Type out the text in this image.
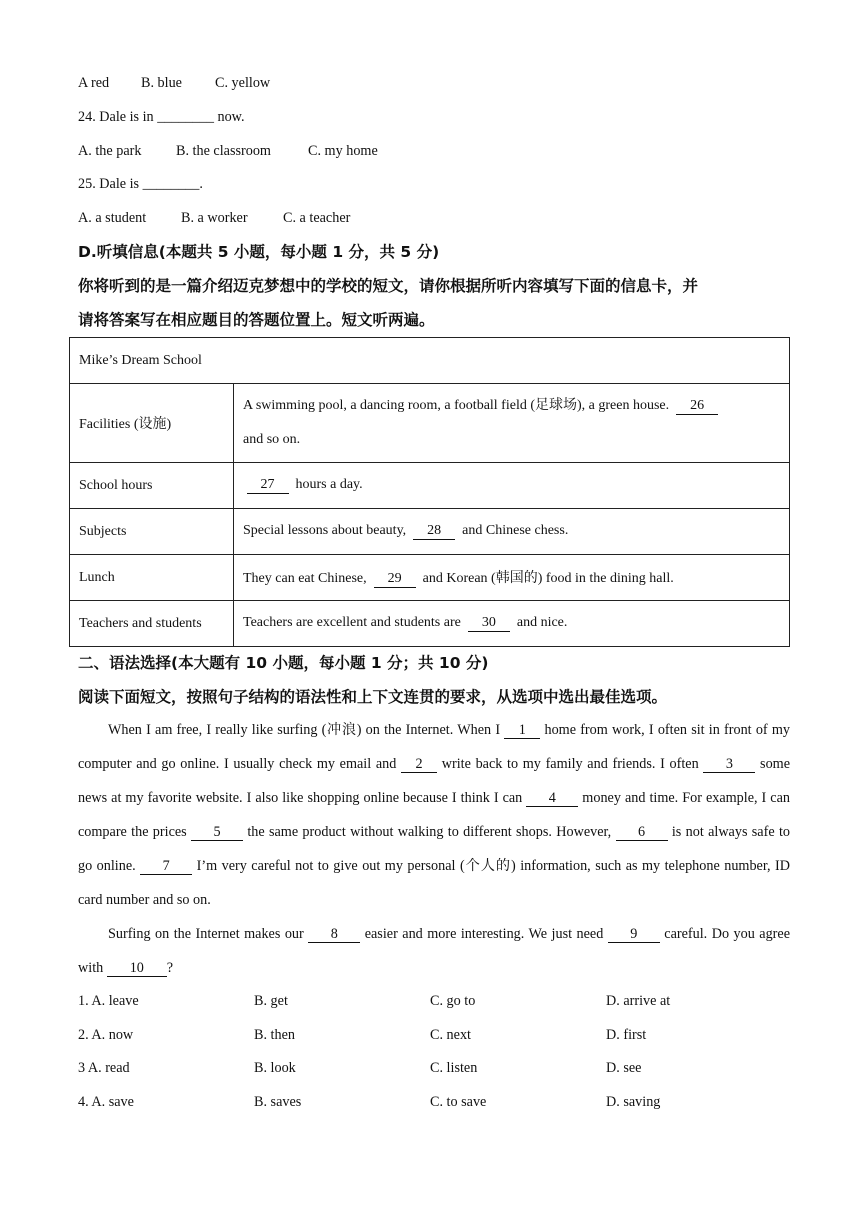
A red B. blue C. yellow
24. Dale is in ________ now.
A. the park B. the classroom	C. my home
25. Dale is ________.
A. a student B. a worker C. a teacher
D.听填信息(本题共 5 小题，每小题 1 分，共 5 分)
你将听到的是一篇介绍迈克梦想中的学校的短文，请你根据所听内容填写下面的信息卡，并
请将答案写在相应题目的答题位置上。短文听两遍。
Mike’s Dream School	
Facilities (设施)	A swimming pool, a dancing room, a football field (足球场), a green house. 26
and so on.

School hours	27 hours a day.
Subjects	Special lessons about beauty, 28 and Chinese chess.
Lunch	They can eat Chinese, 29 and Korean (韩国的) food in the dining hall.
Teachers and students	Teachers are excellent and students are 30 and nice.
二、语法选择(本大题有 10 小题，每小题 1 分；共 10 分)
阅读下面短文，按照句子结构的语法性和上下文连贯的要求，从选项中选出最佳选项。
When I am free, I really like surfing (冲浪) on the Internet. When I 1 home from work, I often sit in front of my computer and go online. I usually check my email and 2 write back to my family and friends. I often 3 some news at my favorite website. I also like shopping online because I think I can 4 money and time. For example, I can compare the prices 5 the same product without walking to different shops. However, 6 is not always safe to go online. 7 I’m very careful not to give out my personal (个人的) information, such as my telephone number, ID card number and so on.
Surfing on the Internet makes our 8 easier and more interesting. We just need 9 careful. Do you agree with 10 ?
1. A. leave	B. get	C. go to	D. arrive at
2. A. now	B. then	C. next	D. first
3 A. read	B. look	C. listen	D. see
4. A. save	B. saves	C. to save	D. saving
